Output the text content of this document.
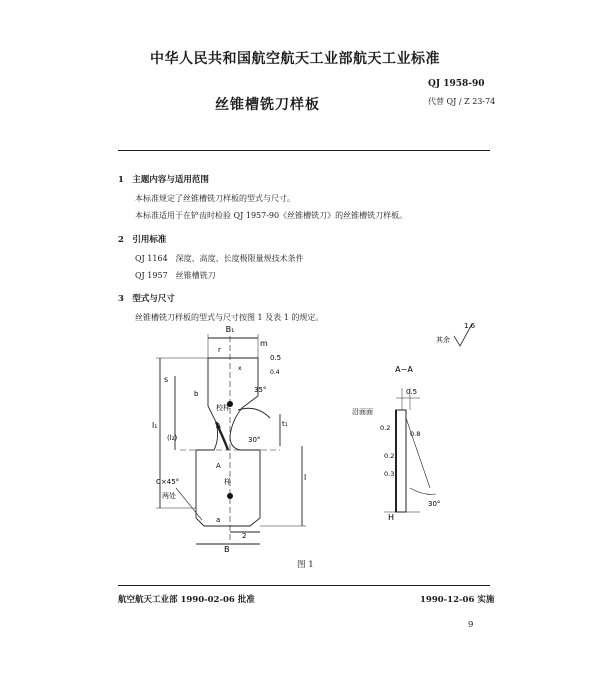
中华人民共和国航空航天工业部航天工业标准
QJ 1958-90
丝锥槽铣刀样板	代替 QJ / Z 23-74
1　主题内容与适用范围
本标准规定了丝锥槽铣刀样板的型式与尺寸。
本标准适用于在铲齿时检验 QJ 1957-90《丝锥槽铣刀》的丝锥槽铣刀样板。
2　引用标准
QJ 1164　深度、高度、长度极限量规技术条件
QJ 1957　丝锥槽铣刀
3　型式与尺寸
丝锥槽铣刀样板的型式与尺寸按图 1 及表 1 的规定。
B₁
m
r
0.5
x
0.4
s
l₁
(l₂)
l
t₁
b	35°
30°
校样
A
A
样
C×45°
两处
B
2
a
A−A
0.5
沿面面
0.2
0.2
0.8
0.3
30°
H
其余
1.6
图 1
航空航天工业部 1990-02-06 批准	1990-12-06 实施
9
